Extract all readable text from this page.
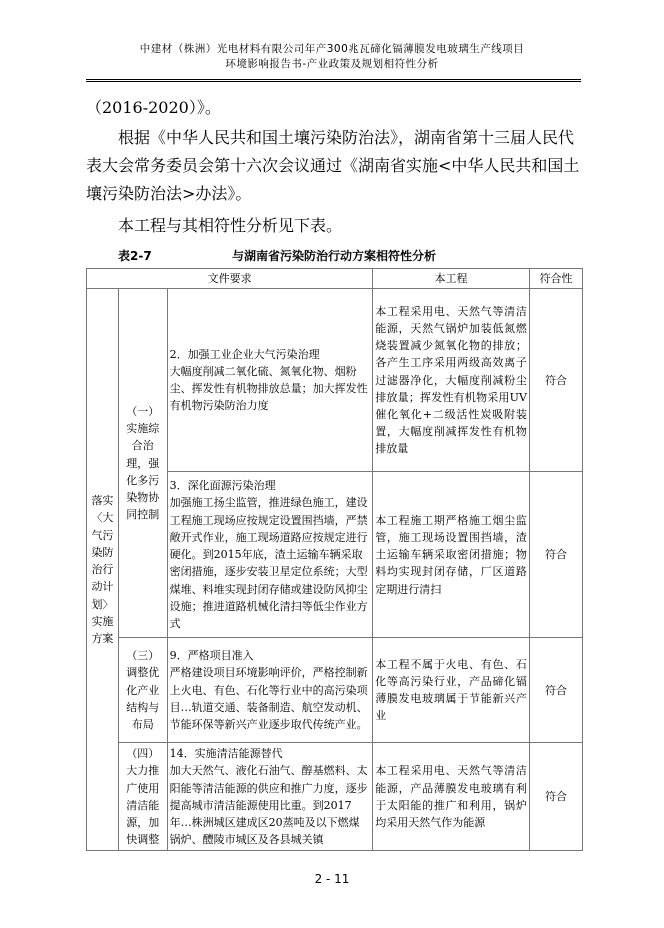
中建材（株洲）光电材料有限公司年产300兆瓦碲化镉薄膜发电玻璃生产线项目
环境影响报告书-产业政策及规划相符性分析
（2016-2020）》。
根据《中华人民共和国土壤污染防治法》，湖南省第十三届人民代表大会常务委员会第十六次会议通过《湖南省实施<中华人民共和国土壤污染防治法>办法》。
本工程与其相符性分析见下表。
表2-7	与湖南省污染防治行动方案相符性分析
文件要求			本工程	符合性
落实〈大气污染防治行动计划〉实施方案	（一）实施综合治理，强化多污染物协同控制	2．加强工业企业大气污染治理
大幅度削减二氧化硫、氮氧化物、烟粉尘、挥发性有机物排放总量；加大挥发性有机物污染防治力度	本工程采用电、天然气等清洁能源，天然气锅炉加装低氮燃烧装置减少氮氧化物的排放；各产生工序采用两级高效离子过滤器净化，大幅度削减粉尘排放量；挥发性有机物采用UV 催化氧化+二级活性炭吸附装置，大幅度削减挥发性有机物排放量	符合
		3．深化面源污染治理
加强施工扬尘监管，推进绿色施工，建设工程施工现场应按规定设置围挡墙，严禁敞开式作业，施工现场道路应按规定进行硬化。到2015年底，渣土运输车辆采取密闭措施，逐步安装卫星定位系统；大型煤堆、料堆实现封闭存储或建设防风抑尘设施；推进道路机械化清扫等低尘作业方式	本工程施工期严格施工烟尘监管，施工现场设置围挡墙，渣土运输车辆采取密闭措施；物料均实现封闭存储，厂区道路定期进行清扫	符合
	（三）调整优化产业结构与布局	9．严格项目准入
严格建设项目环境影响评价，严格控制新上火电、有色、石化等行业中的高污染项目…轨道交通、装备制造、航空发动机、节能环保等新兴产业逐步取代传统产业。	本工程不属于火电、有色、石化等高污染行业，产品碲化镉薄膜发电玻璃属于节能新兴产业	符合
	（四）大力推广使用清洁能源，加快调整	14．实施清洁能源替代
加大天然气、液化石油气、醇基燃料、太阳能等清洁能源的供应和推广力度，逐步提高城市清洁能源使用比重。到2017年…株洲城区建成区20蒸吨及以下燃煤锅炉、醴陵市城区及各县城关镇	本工程采用电、天然气等清洁能源，产品薄膜发电玻璃有利于太阳能的推广和利用，锅炉均采用天然气作为能源	符合
2 - 11
